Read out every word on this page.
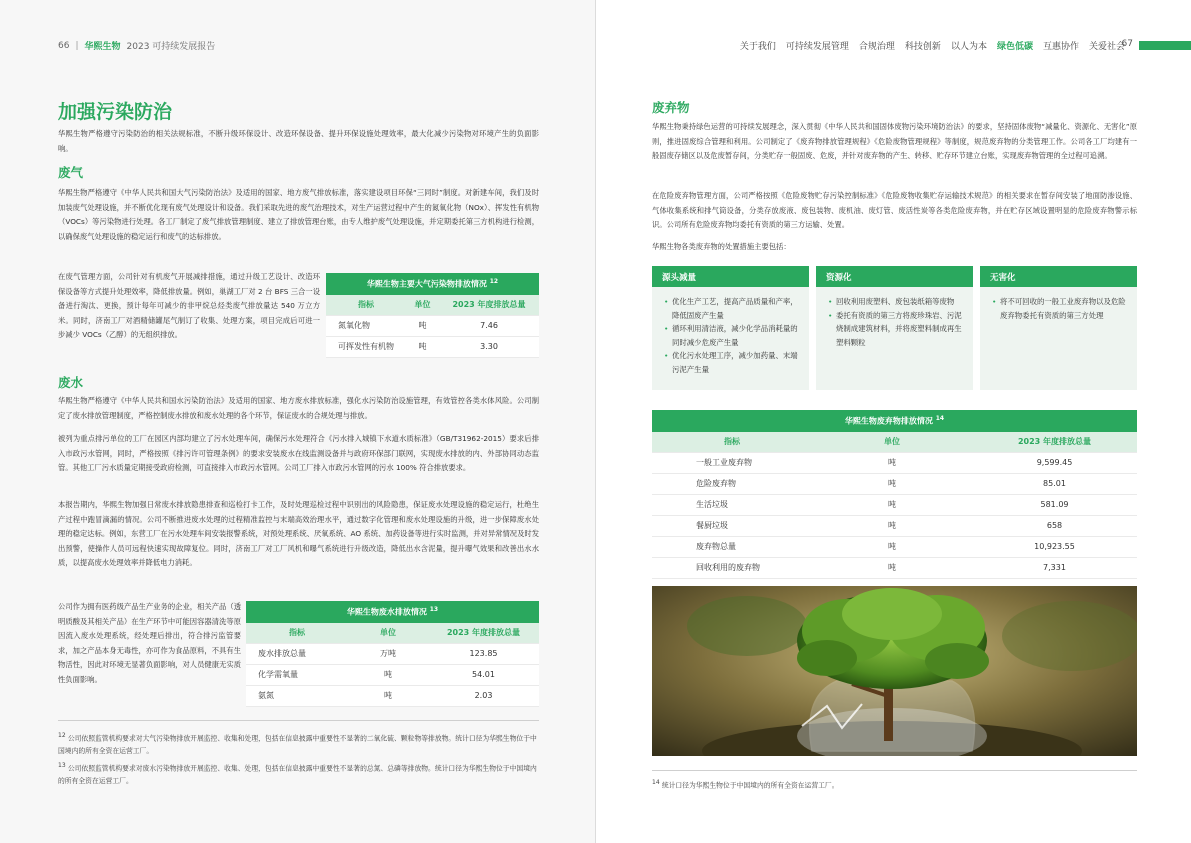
66 | 华熙生物 2023 可持续发展报告	关于我们 可持续发展管理 合规治理 科技创新 以人为本 绿色低碳 互惠协作 关爱社会
67
加强污染防治

华熙生物严格遵守污染防治的相关法规标准，不断升级环保设计、改造环保设备、提升环保设施处理效率，最大化减少污染物对环境产生的负面影响。

废气

华熙生物严格遵守《中华人民共和国大气污染防治法》及适用的国家、地方废气排放标准，落实建设项目环保“三同时”制度。对新建车间，我们及时加装废气处理设施，并不断优化现有废气处理设计和设备。我们采取先进的废气治理技术，对生产运营过程中产生的氮氧化物（NOx）、挥发性有机物（VOCs）等污染物进行处理。各工厂制定了废气排放管理制度、建立了排放管理台账，由专人维护废气处理设施，并定期委托第三方机构进行检测，以确保废气处理设施的稳定运行和废气的达标排放。

在废气管理方面，公司针对有机废气开展减排措施，通过升级工艺设计、改造环保设备等方式提升处理效率，降低排放量。例如，巢湖工厂对 2 台 BFS 三合一设备进行淘汰、更换，预计每年可减少的非甲烷总烃类废气排放量达 540 万立方米。同时，济南工厂对酒精储罐尾气制订了收集、处理方案，项目完成后可进一步减少 VOCs（乙醇）的无组织排放。

华熙生物主要大气污染物排放情况 $^{12}$
指标	单位	2023 年度排放总量
氮氧化物	吨	7.46
可挥发性有机物	吨	3.30
废水

华熙生物严格遵守《中华人民共和国水污染防治法》及适用的国家、地方废水排放标准，强化水污染防治设施管理，有效管控各类水体风险。公司制定了废水排放管理制度，严格控制废水排放和废水处理的各个环节，保证废水的合规处理与排放。

被列为重点排污单位的工厂在园区内部均建立了污水处理车间，确保污水处理符合《污水排入城镇下水道水质标准》（GB/T31962-2015）要求后排入市政污水管网，同时，严格按照《排污许可管理条例》的要求安装废水在线监测设备并与政府环保部门联网，实现废水排放的内、外部协同动态监管。其他工厂污水质量定期接受政府检测，可直接排入市政污水管网。公司工厂排入市政污水管网的污水 100% 符合排放要求。

本报告期内，华熙生物加强日常废水排放隐患排查和巡检打卡工作，及时处理巡检过程中识别出的风险隐患，保证废水处理设施的稳定运行，杜绝生产过程中跑冒滴漏的情况。公司不断推进废水处理的过程精准监控与末端高效治理水平，通过数字化管理和废水处理设施的升级，进一步保障废水处理的稳定达标。例如，东营工厂在污水处理车间安装报警系统，对预处理系统、厌氧系统、AO 系统、加药设备等进行实时监测，并对异常情况及时发出预警，使操作人员可远程快速实现故障复位。同时，济南工厂对工厂风机和曝气系统进行升级改造，降低出水含泥量，提升曝气效果和改善出水水质，以提高废水处理效率并降低电力消耗。

公司作为拥有医药级产品生产业务的企业，相关产品（透明质酸及其相关产品）在生产环节中可能因容器清洗等原因流入废水处理系统，经处理后排出，符合排污监管要求，加之产品本身无毒性，亦可作为食品原料，不具有生物活性，因此对环境无显著负面影响，对人员健康无实质性负面影响。

华熙生物废水排放情况 $^{13}$
指标	单位	2023 年度排放总量
废水排放总量	万吨	123.85
化学需氧量	吨	54.01
氨氮	吨	2.03
12 公司依照监管机构要求对大气污染物排放开展监控、收集和处理，包括在信息披露中重要性不显著的二氧化硫、颗粒物等排放物。统计口径为华熙生物位于中国境内的所有全资在运营工厂。
13 公司依照监管机构要求对废水污染物排放开展监控、收集、处理，包括在信息披露中重要性不显著的总氮、总磷等排放物。统计口径为华熙生物位于中国境内的所有全资在运营工厂。
废弃物

华熙生物秉持绿色运营的可持续发展理念，深入贯彻《中华人民共和国固体废物污染环境防治法》的要求，坚持固体废物“减量化、资源化、无害化”原则，推进固废综合管理和利用。公司制定了《废弃物排放管理规程》《危险废物管理规程》等制度，规范废弃物的分类管理工作。公司各工厂均建有一般固废存储区以及危废暂存间，分类贮存一般固废、危废，并针对废弃物的产生、转移、贮存环节建立台账，实现废弃物管理的全过程可追溯。

在危险废弃物管理方面，公司严格按照《危险废物贮存污染控制标准》《危险废物收集贮存运输技术规范》的相关要求在暂存间安装了地面防渗设施、气体收集系统和排气筒设备，分类存放废液、废包装物、废机油、废灯管、废活性炭等各类危险废弃物，并在贮存区域设置明显的危险废弃物警示标识。公司所有危险废弃物均委托有资质的第三方运输、处置。

华熙生物各类废弃物的处置措施主要包括：

源头减量
• 优化生产工艺，提高产品质量和产率，降低固废产生量
• 循环利用清洁液，减少化学品消耗量的同时减少危废产生量
• 优化污水处理工序，减少加药量、末端污泥产生量
资源化
• 回收利用废塑料、废包装纸箱等废物
• 委托有资质的第三方将废珍珠岩、污泥烧制成建筑材料，并将废塑料制成再生塑料颗粒
无害化
• 将不可回收的一般工业废弃物以及危险废弃物委托有资质的第三方处理
华熙生物废弃物排放情况 $^{14}$
指标	单位	2023 年度排放总量
一般工业废弃物	吨	9,599.45
危险废弃物	吨	85.01
生活垃圾	吨	581.09
餐厨垃圾	吨	658
废弃物总量	吨	10,923.55
回收利用的废弃物	吨	7,331
14 统计口径为华熙生物位于中国境内的所有全资在运营工厂。
